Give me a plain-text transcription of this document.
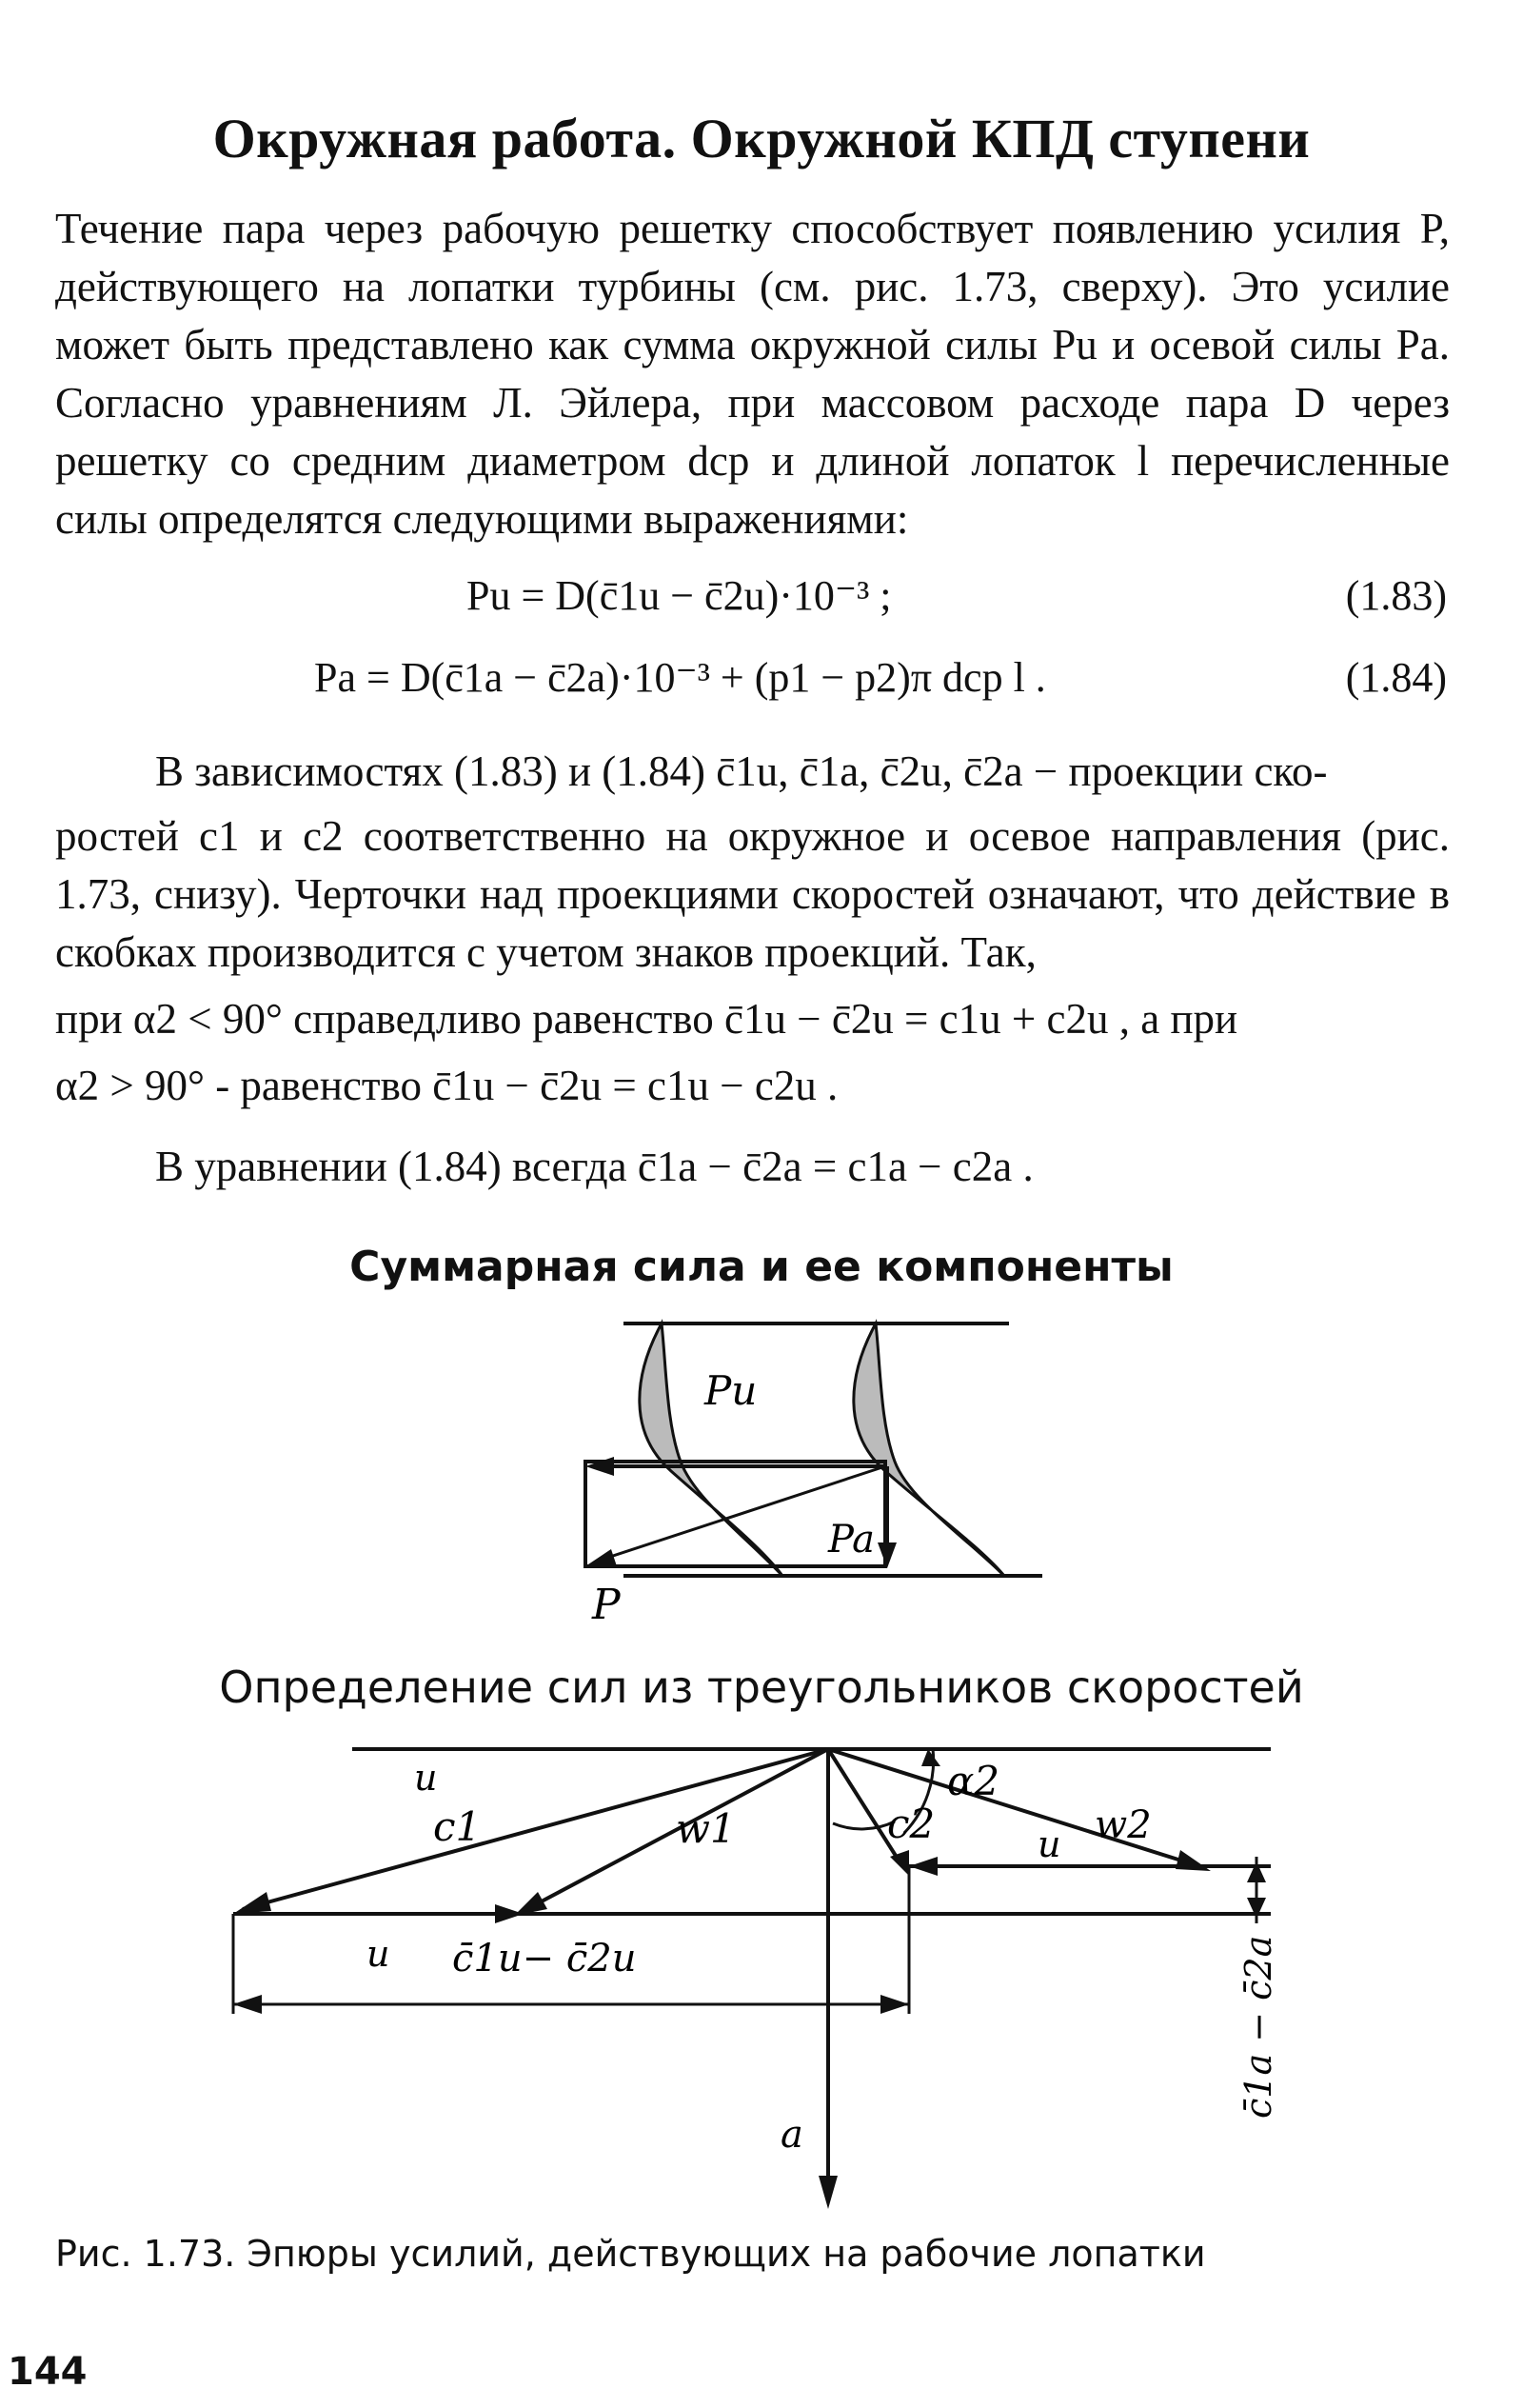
Окружная работа. Окружной КПД ступени
Течение пара через рабочую решетку способствует появлению усилия P, действующего на лопатки турбины (см. рис. 1.73, сверху). Это усилие может быть представлено как сумма окружной силы Pu и осевой силы Pa. Согласно уравнениям Л. Эйлера, при массовом расходе пара D через решетку со средним диаметром dср и длиной лопаток l перечисленные силы определятся следующими выражениями:
Pu = D(c̄1u − c̄2u)·10⁻³ ;	(1.83)
Pa = D(c̄1a − c̄2a)·10⁻³ + (p1 − p2)π dср l .	(1.84)
В зависимостях (1.83) и (1.84) c̄1u, c̄1a, c̄2u, c̄2a − проекции ско-
ростей c1 и c2 соответственно на окружное и осевое направления (рис. 1.73, снизу). Черточки над проекциями скоростей означают, что действие в скобках производится с учетом знаков проекций. Так,
при α2 < 90° справедливо равенство c̄1u − c̄2u = c1u + c2u , а при
α2 > 90° - равенство c̄1u − c̄2u = c1u − c2u .
В уравнении (1.84) всегда c̄1a − c̄2a = c1a − c2a .
Суммарная сила и ее компоненты
Pu
Pa
P
Определение сил из треугольников скоростей
u	α2
c1	w1	c2	w2
u
u c̄1u− c̄2u
a
c̄1a − c̄2a
Рис. 1.73. Эпюры усилий, действующих на рабочие лопатки
144
